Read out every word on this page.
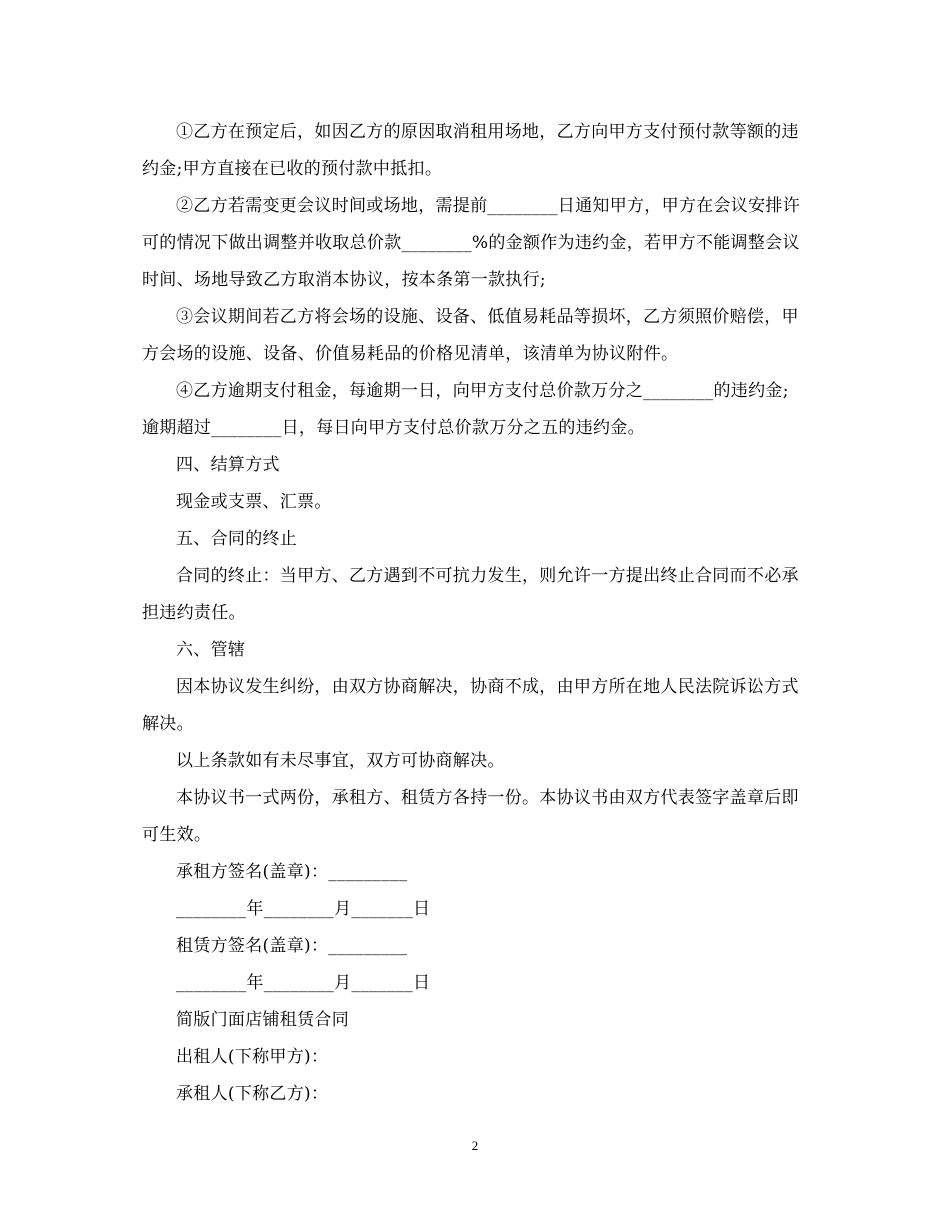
①乙方在预定后，如因乙方的原因取消租用场地，乙方向甲方支付预付款等额的违约金;甲方直接在已收的预付款中抵扣。

②乙方若需变更会议时间或场地，需提前________日通知甲方，甲方在会议安排许可的情况下做出调整并收取总价款________%的金额作为违约金，若甲方不能调整会议时间、场地导致乙方取消本协议，按本条第一款执行;

③会议期间若乙方将会场的设施、设备、低值易耗品等损坏，乙方须照价赔偿，甲方会场的设施、设备、价值易耗品的价格见清单，该清单为协议附件。

④乙方逾期支付租金，每逾期一日，向甲方支付总价款万分之________的违约金;逾期超过________日，每日向甲方支付总价款万分之五的违约金。

四、结算方式

现金或支票、汇票。

五、合同的终止

合同的终止：当甲方、乙方遇到不可抗力发生，则允许一方提出终止合同而不必承担违约责任。

六、管辖

因本协议发生纠纷，由双方协商解决，协商不成，由甲方所在地人民法院诉讼方式解决。

以上条款如有未尽事宜，双方可协商解决。

本协议书一式两份，承租方、租赁方各持一份。本协议书由双方代表签字盖章后即可生效。

承租方签名(盖章)：_________

________年________月_______日

租赁方签名(盖章)：_________

________年________月_______日

简版门面店铺租赁合同

出租人(下称甲方)：

承租人(下称乙方)：

2
